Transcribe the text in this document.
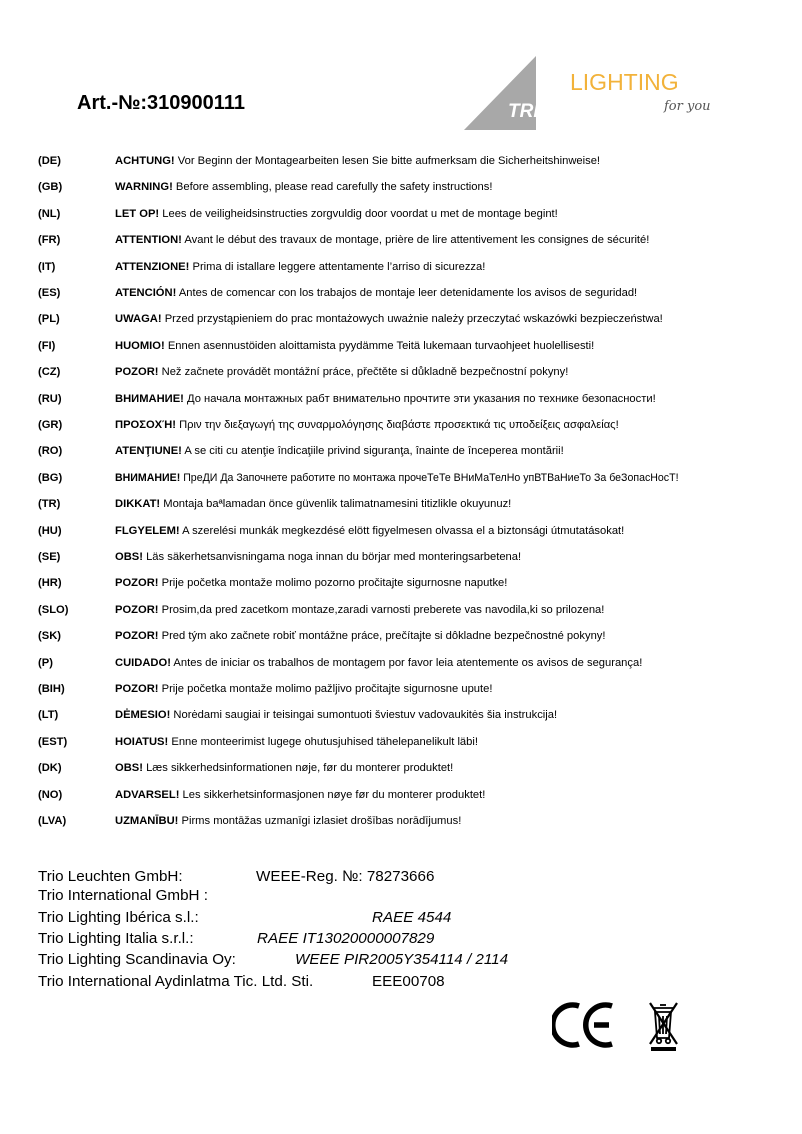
Art.-№:310900111	TRIO
LIGHTING
for you
(DE)	ACHTUNG! Vor Beginn der Montagearbeiten lesen Sie bitte aufmerksam die Sicherheitshinweise!
(GB)	WARNING! Before assembling, please read carefully the safety instructions!
(NL)	LET OP! Lees de veiligheidsinstructies zorgvuldig door voordat u met de montage begint!
(FR)	ATTENTION! Avant le début des travaux de montage, prière de lire attentivement les consignes de sécurité!
(IT)	ATTENZIONE! Prima di istallare leggere attentamente l’arriso di sicurezza!
(ES)	ATENCIÓN! Antes de comencar con los trabajos de montaje leer detenidamente los avisos de seguridad!
(PL)	UWAGA! Przed przystąpieniem do prac montażowych uważnie należy przeczytać wskazówki bezpieczeństwa!
(FI)	HUOMIO! Ennen asennustöiden aloittamista pyydämme Teitä lukemaan turvaohjeet huolellisesti!
(CZ)	POZOR! Než začnete provádět montážní práce, přečtěte si důkladně bezpečnostní pokyny!
(RU)	ВНИМАНИЕ! До начала монтажных рабт внимательно прочтите эти указания по технике безопасности!
(GR)	ΠΡΟΣΟΧΉ! Πριν την διεξαγωγή της συναρμολόγησης διαβάστε προσεκτικά τις υποδείξεις ασφαλείας!
(RO)	ATENŢIUNE! A se citi cu atenţie îndicaţiile privind siguranţa, înainte de începerea montării!
(BG)	ВНИМАНИЕ! ПреДИ Да Започнете работите по монтажа прочеТеТе ВНиМаТелНо упВТВаНиеТо За беЗопасНосТ!
(TR)	DIKKAT! Montaja baªlamadan önce güvenlik talimatnamesini titizlikle okuyunuz!
(HU)	FLGYELEM! A szerelési munkák megkezdésé elött figyelmesen olvassa el a biztonsági útmutatásokat!
(SE)	OBS! Läs säkerhetsanvisningama noga innan du börjar med monteringsarbetena!
(HR)	POZOR! Prije početka montaže molimo pozorno pročitajte sigurnosne naputke!
(SLO)	POZOR! Prosim,da pred zacetkom montaze,zaradi varnosti preberete vas navodila,ki so prilozena!
(SK)	POZOR! Pred tým ako začnete robiť montážne práce, prečítajte si dôkladne bezpečnostné pokyny!
(P)	CUIDADO! Antes de iniciar os trabalhos de montagem por favor leia atentemente os avisos de segurança!
(BIH)	POZOR! Prije početka montaže molimo pažljivo pročitajte sigurnosne upute!
(LT)	DĖMESIO! Norėdami saugiai ir teisingai sumontuoti šviestuv vadovaukitės šia instrukcija!
(EST)	HOIATUS! Enne monteerimist lugege ohutusjuhised tähelepanelikult läbi!
(DK)	OBS! Læs sikkerhedsinformationen nøje, før du monterer produktet!
(NO)	ADVARSEL! Les sikkerhetsinformasjonen nøye før du monterer produktet!
(LVA)	UZMANĪBU! Pirms montāžas uzmanīgi izlasiet drošības norādījumus!
Trio Leuchten GmbH:	WEEE-Reg. №: 78273666
Trio International GmbH :
Trio Lighting Ibérica s.l.:	RAEE 4544
Trio Lighting Italia s.r.l.:	RAEE IT13020000007829
Trio Lighting Scandinavia Oy:	WEEE PIR2005Y354114 / 2114
Trio International Aydinlatma Tic. Ltd. Sti.	EEE00708
